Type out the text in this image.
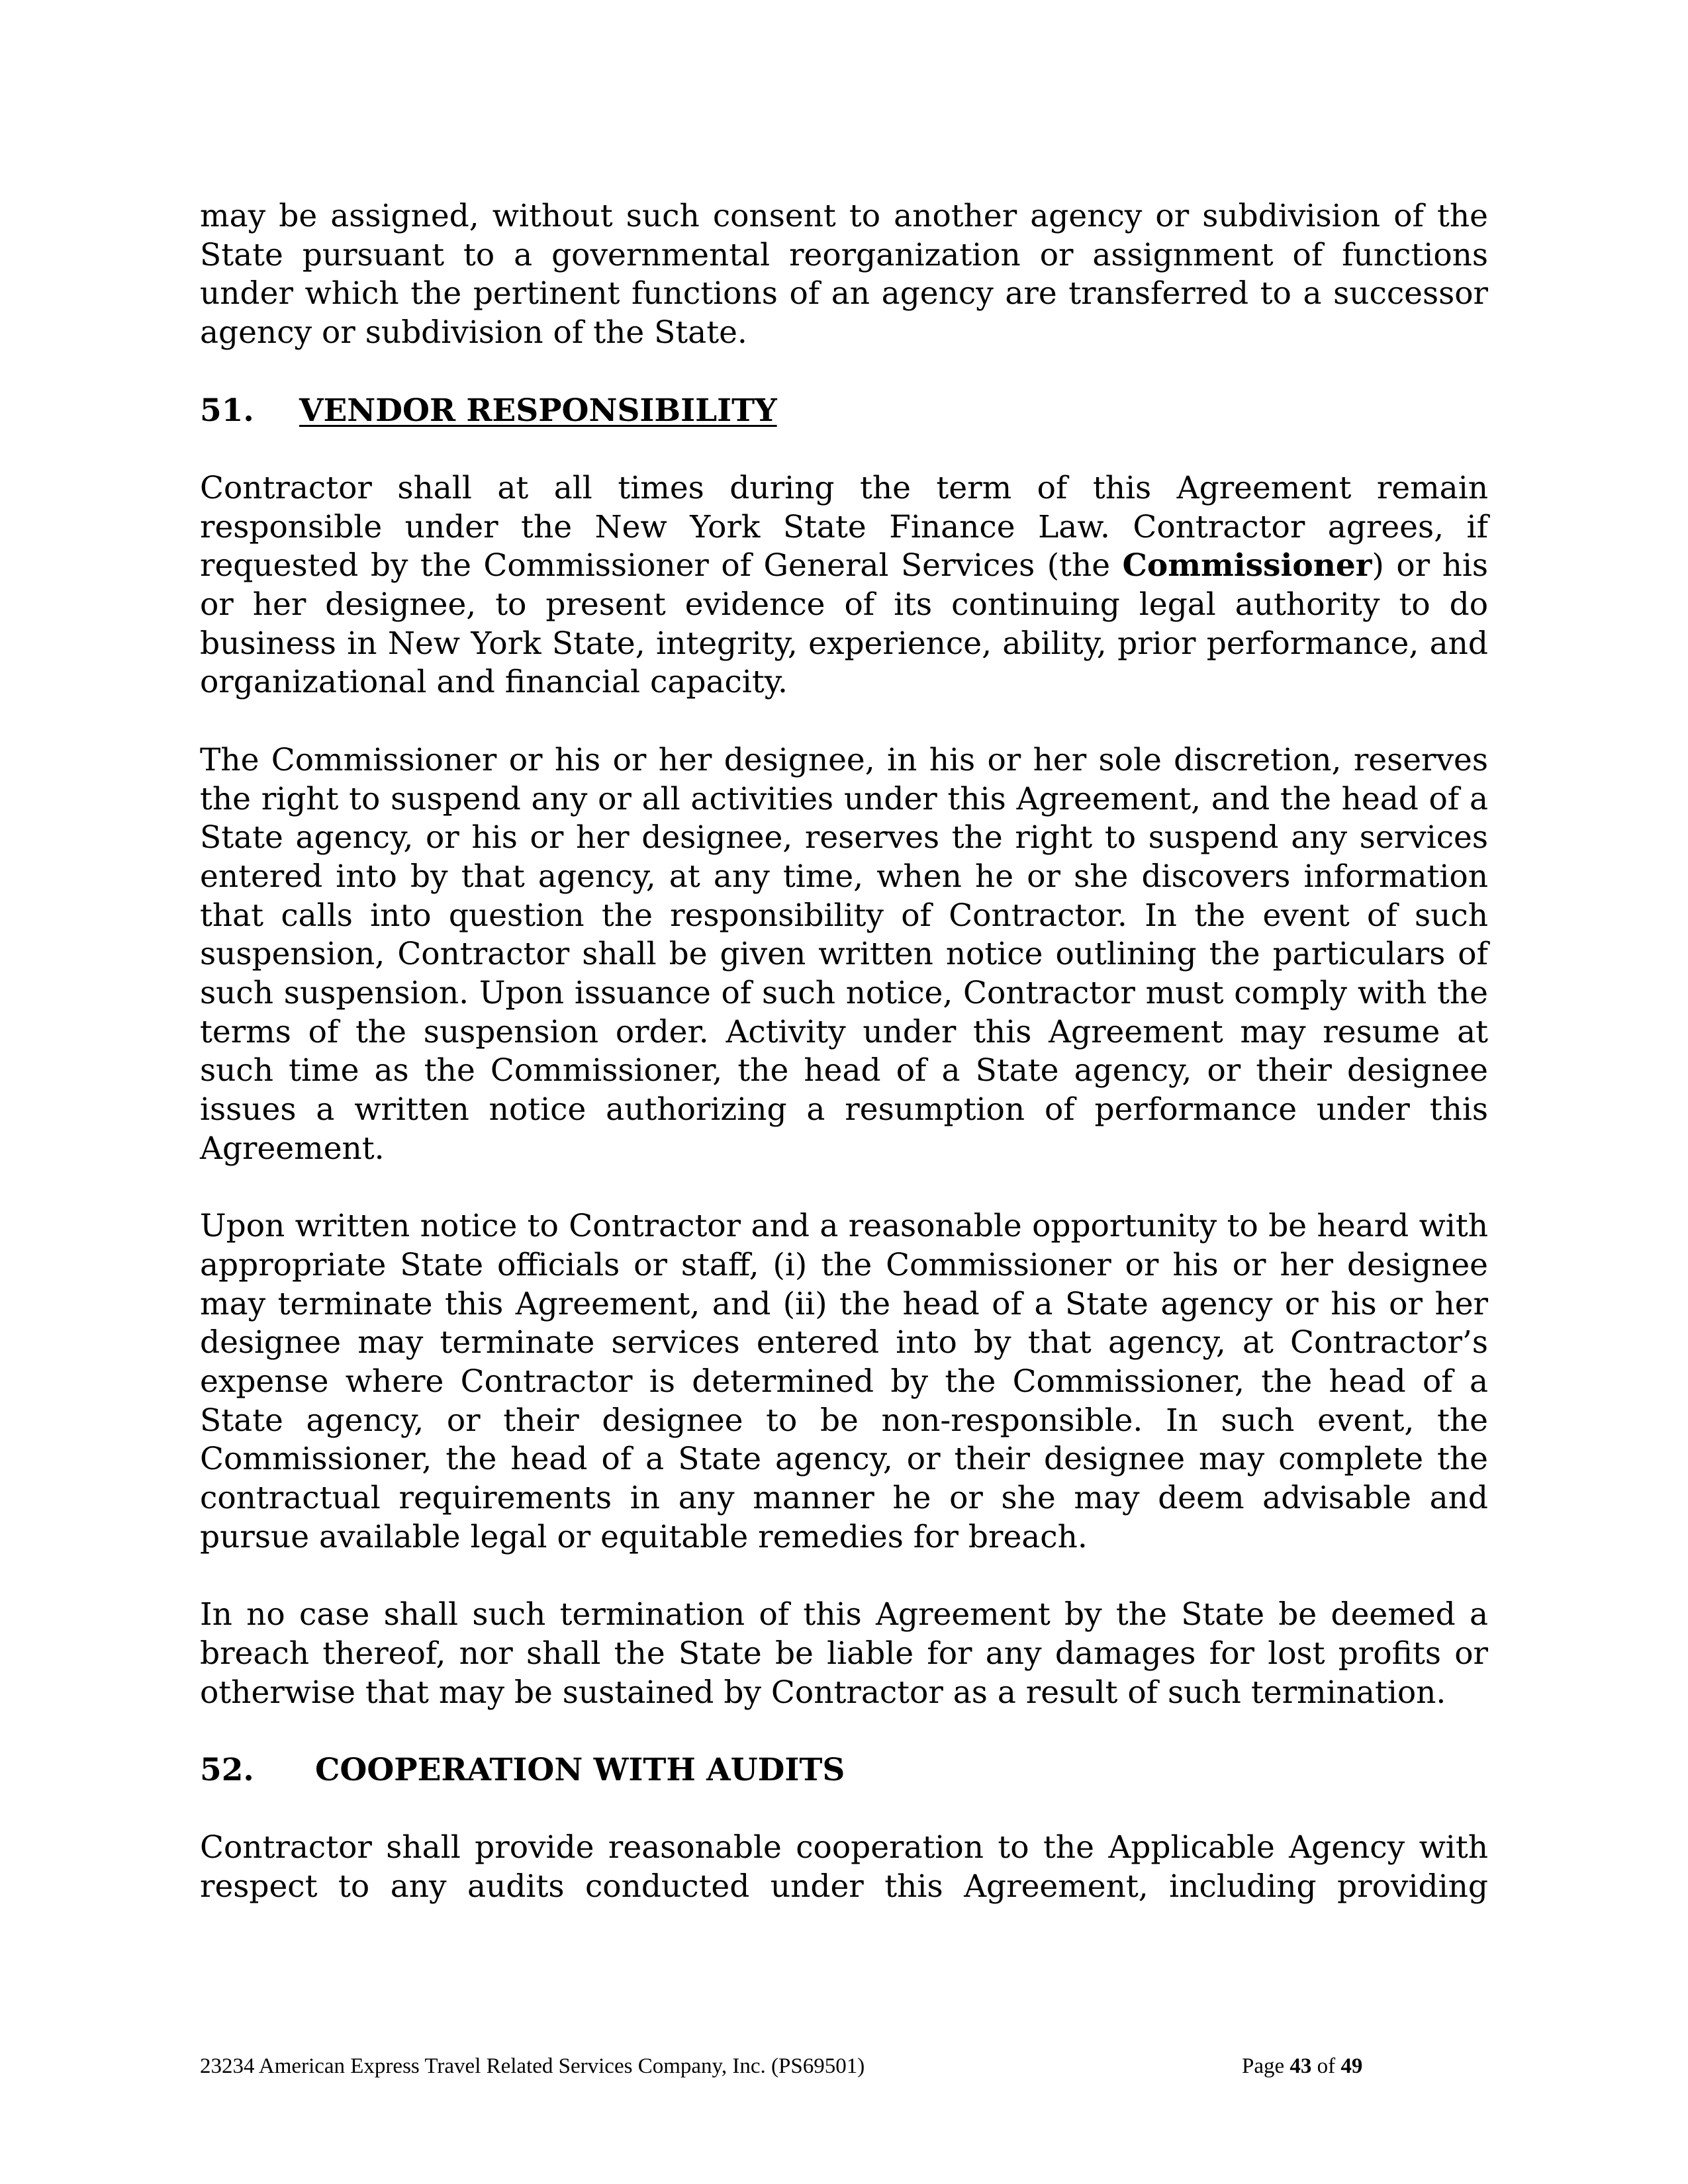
may be assigned, without such consent to another agency or subdivision of the State pursuant to a governmental reorganization or assignment of functions under which the pertinent functions of an agency are transferred to a successor agency or subdivision of the State.

51. VENDOR RESPONSIBILITY

Contractor shall at all times during the term of this Agreement remain responsible under the New York State Finance Law. Contractor agrees, if requested by the Commissioner of General Services (the Commissioner) or his or her designee, to present evidence of its continuing legal authority to do business in New York State, integrity, experience, ability, prior performance, and organizational and financial capacity.

The Commissioner or his or her designee, in his or her sole discretion, reserves the right to suspend any or all activities under this Agreement, and the head of a State agency, or his or her designee, reserves the right to suspend any services entered into by that agency, at any time, when he or she discovers information that calls into question the responsibility of Contractor. In the event of such suspension, Contractor shall be given written notice outlining the particulars of such suspension. Upon issuance of such notice, Contractor must comply with the terms of the suspension order. Activity under this Agreement may resume at such time as the Commissioner, the head of a State agency, or their designee issues a written notice authorizing a resumption of performance under this Agreement.

Upon written notice to Contractor and a reasonable opportunity to be heard with appropriate State officials or staff, (i) the Commissioner or his or her designee may terminate this Agreement, and (ii) the head of a State agency or his or her designee may terminate services entered into by that agency, at Contractor’s expense where Contractor is determined by the Commissioner, the head of a State agency, or their designee to be non-responsible. In such event, the Commissioner, the head of a State agency, or their designee may complete the contractual requirements in any manner he or she may deem advisable and pursue available legal or equitable remedies for breach.

In no case shall such termination of this Agreement by the State be deemed a breach thereof, nor shall the State be liable for any damages for lost profits or otherwise that may be sustained by Contractor as a result of such termination.

52. COOPERATION WITH AUDITS

Contractor shall provide reasonable cooperation to the Applicable Agency with respect to any audits conducted under this Agreement, including providing

23234 American Express Travel Related Services Company, Inc. (PS69501)	Page 43 of 49
